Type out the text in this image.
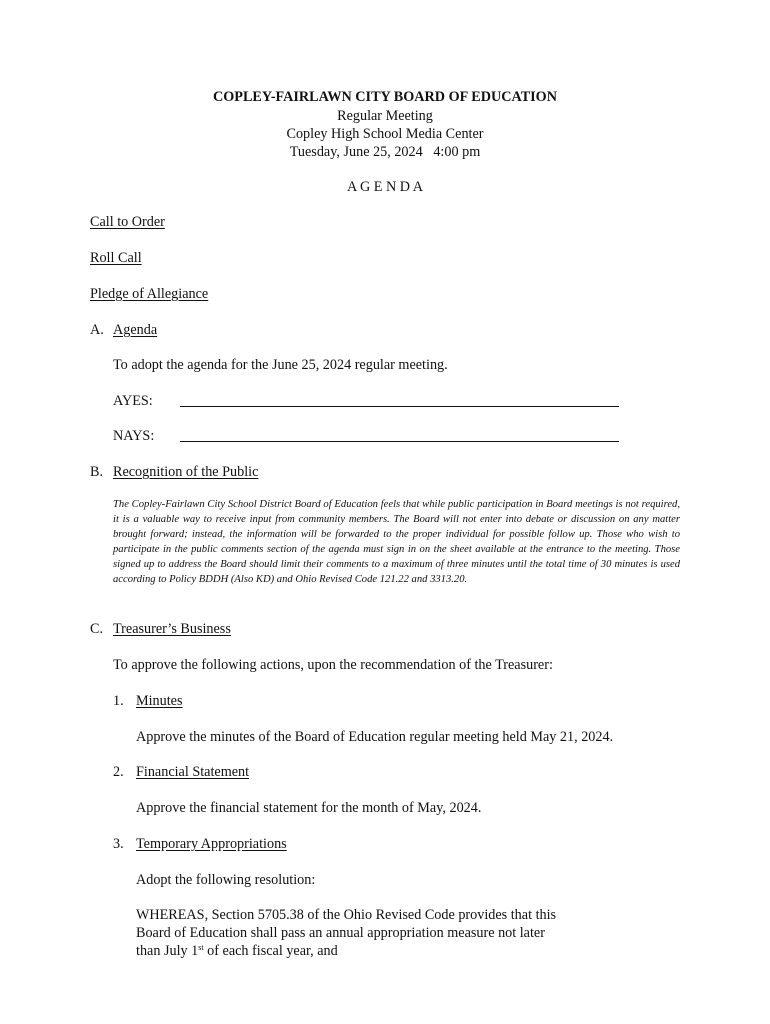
COPLEY-FAIRLAWN CITY BOARD OF EDUCATION
Regular Meeting
Copley High School Media Center
Tuesday, June 25, 2024   4:00 pm
A G E N D A
Call to Order
Roll Call
Pledge of Allegiance
A. Agenda
To adopt the agenda for the June 25, 2024 regular meeting.
AYES:
NAYS:
B. Recognition of the Public
The Copley-Fairlawn City School District Board of Education feels that while public participation in Board meetings is not required, it is a valuable way to receive input from community members. The Board will not enter into debate or discussion on any matter brought forward; instead, the information will be forwarded to the proper individual for possible follow up. Those who wish to participate in the public comments section of the agenda must sign in on the sheet available at the entrance to the meeting. Those signed up to address the Board should limit their comments to a maximum of three minutes until the total time of 30 minutes is used according to Policy BDDH (Also KD) and Ohio Revised Code 121.22 and 3313.20.
C. Treasurer’s Business
To approve the following actions, upon the recommendation of the Treasurer:
1. Minutes
Approve the minutes of the Board of Education regular meeting held May 21, 2024.
2. Financial Statement
Approve the financial statement for the month of May, 2024.
3. Temporary Appropriations
Adopt the following resolution:
WHEREAS, Section 5705.38 of the Ohio Revised Code provides that this
Board of Education shall pass an annual appropriation measure not later
than July 1st of each fiscal year, and
